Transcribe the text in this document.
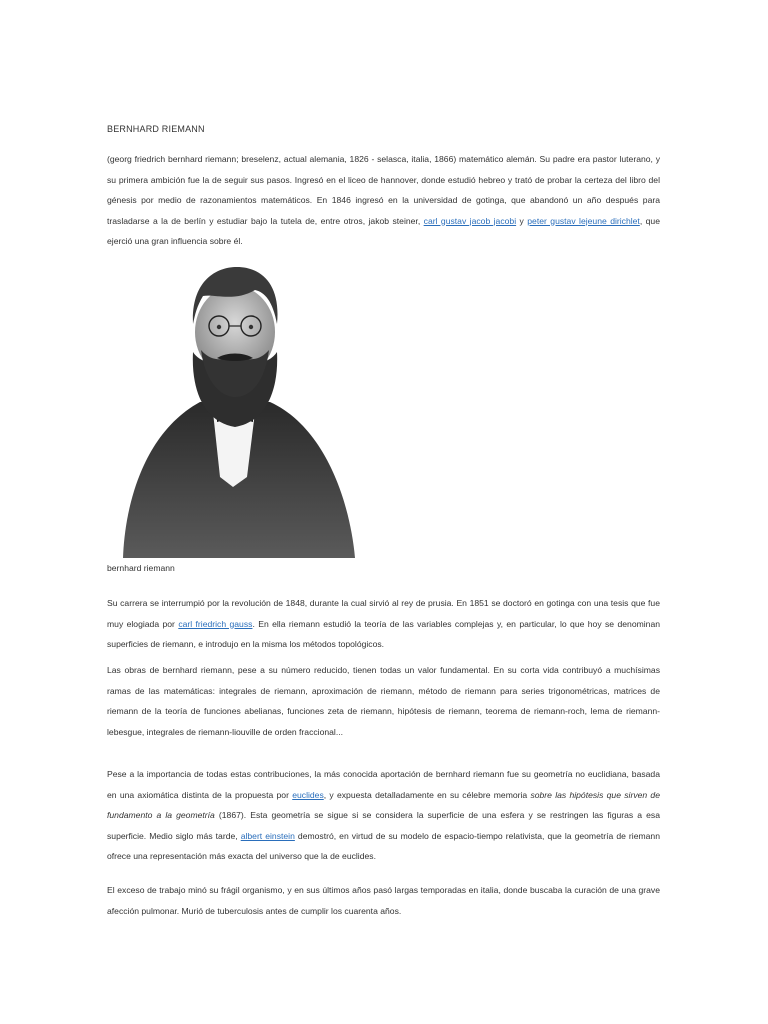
BERNHARD RIEMANN

(georg friedrich bernhard riemann; breselenz, actual alemania, 1826 - selasca, italia, 1866) matemático alemán. Su padre era pastor luterano, y su primera ambición fue la de seguir sus pasos. Ingresó en el liceo de hannover, donde estudió hebreo y trató de probar la certeza del libro del génesis por medio de razonamientos matemáticos. En 1846 ingresó en la universidad de gotinga, que abandonó un año después para trasladarse a la de berlín y estudiar bajo la tutela de, entre otros, jakob steiner, carl gustav jacob jacobi y peter gustav lejeune dirichlet, que ejerció una gran influencia sobre él.

bernhard riemann

Su carrera se interrumpió por la revolución de 1848, durante la cual sirvió al rey de prusia. En 1851 se doctoró en gotinga con una tesis que fue muy elogiada por carl friedrich gauss. En ella riemann estudió la teoría de las variables complejas y, en particular, lo que hoy se denominan superficies de riemann, e introdujo en la misma los métodos topológicos.

Las obras de bernhard riemann, pese a su número reducido, tienen todas un valor fundamental. En su corta vida contribuyó a muchísimas ramas de las matemáticas: integrales de riemann, aproximación de riemann, método de riemann para series trigonométricas, matrices de riemann de la teoría de funciones abelianas, funciones zeta de riemann, hipótesis de riemann, teorema de riemann-roch, lema de riemann-lebesgue, integrales de riemann-liouville de orden fraccional...

Pese a la importancia de todas estas contribuciones, la más conocida aportación de bernhard riemann fue su geometría no euclidiana, basada en una axiomática distinta de la propuesta por euclides, y expuesta detalladamente en su célebre memoria sobre las hipótesis que sirven de fundamento a la geometría (1867). Esta geometría se sigue si se considera la superficie de una esfera y se restringen las figuras a esa superficie. Medio siglo más tarde, albert einstein demostró, en virtud de su modelo de espacio-tiempo relativista, que la geometría de riemann ofrece una representación más exacta del universo que la de euclides.

El exceso de trabajo minó su frágil organismo, y en sus últimos años pasó largas temporadas en italia, donde buscaba la curación de una grave afección pulmonar. Murió de tuberculosis antes de cumplir los cuarenta años.
